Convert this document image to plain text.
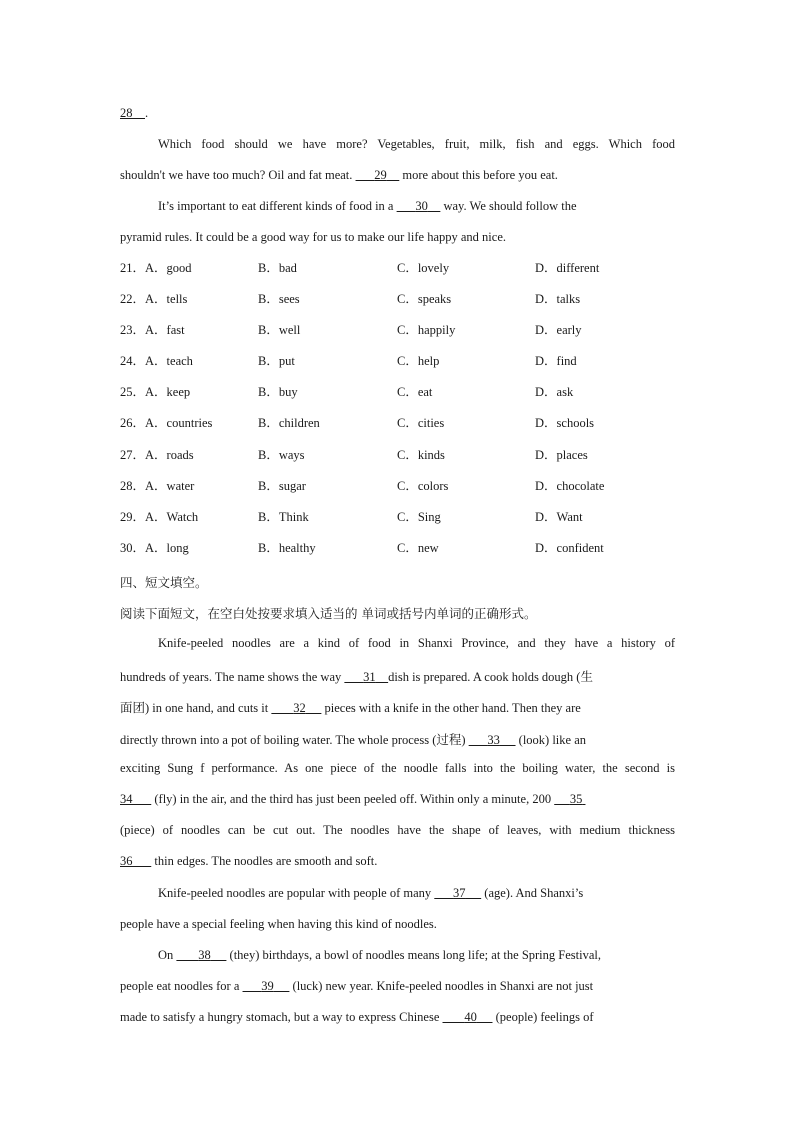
28 .
Which food should we have more? Vegetables, fruit, milk, fish and eggs. Which food
shouldn't we have too much? Oil and fat meat. 29 more about this before you eat.
It’s important to eat different kinds of food in a 30 way. We should follow the
pyramid rules. It could be a good way for us to make our life happy and nice.
21．A．good	B．bad	C．lovely	D．different
22．A．tells	B．sees	C．speaks	D．talks
23．A．fast	B．well	C．happily	D．early
24．A．teach	B．put	C．help	D．find
25．A．keep	B．buy	C．eat	D．ask
26．A．countries	B．children	C．cities	D．schools
27．A．roads	B．ways	C．kinds	D．places
28．A．water	B．sugar	C．colors	D．chocolate
29．A．Watch	B．Think	C．Sing	D．Want
30．A．long	B．healthy	C．new	D．confident
四、短文填空。
阅读下面短文，在空白处按要求填入适当的 单词或括号内单词的正确形式。
Knife-peeled noodles are a kind of food in Shanxi Province, and they have a history of
hundreds of years. The name shows the way 31 dish is prepared. A cook holds dough (生
面团) in one hand, and cuts it 32 pieces with a knife in the other hand. Then they are
directly thrown into a pot of boiling water. The whole process (过程) 33 (look) like an
exciting Sung f performance. As one piece of the noodle falls into the boiling water, the second is
34 (fly) in the air, and the third has just been peeled off. Within only a minute, 200 35
(piece) of noodles can be cut out. The noodles have the shape of leaves, with medium thickness
36 thin edges. The noodles are smooth and soft.
Knife-peeled noodles are popular with people of many 37 (age). And Shanxi’s
people have a special feeling when having this kind of noodles.
On 38 (they) birthdays, a bowl of noodles means long life; at the Spring Festival,
people eat noodles for a 39 (luck) new year. Knife-peeled noodles in Shanxi are not just
made to satisfy a hungry stomach, but a way to express Chinese 40 (people) feelings of
